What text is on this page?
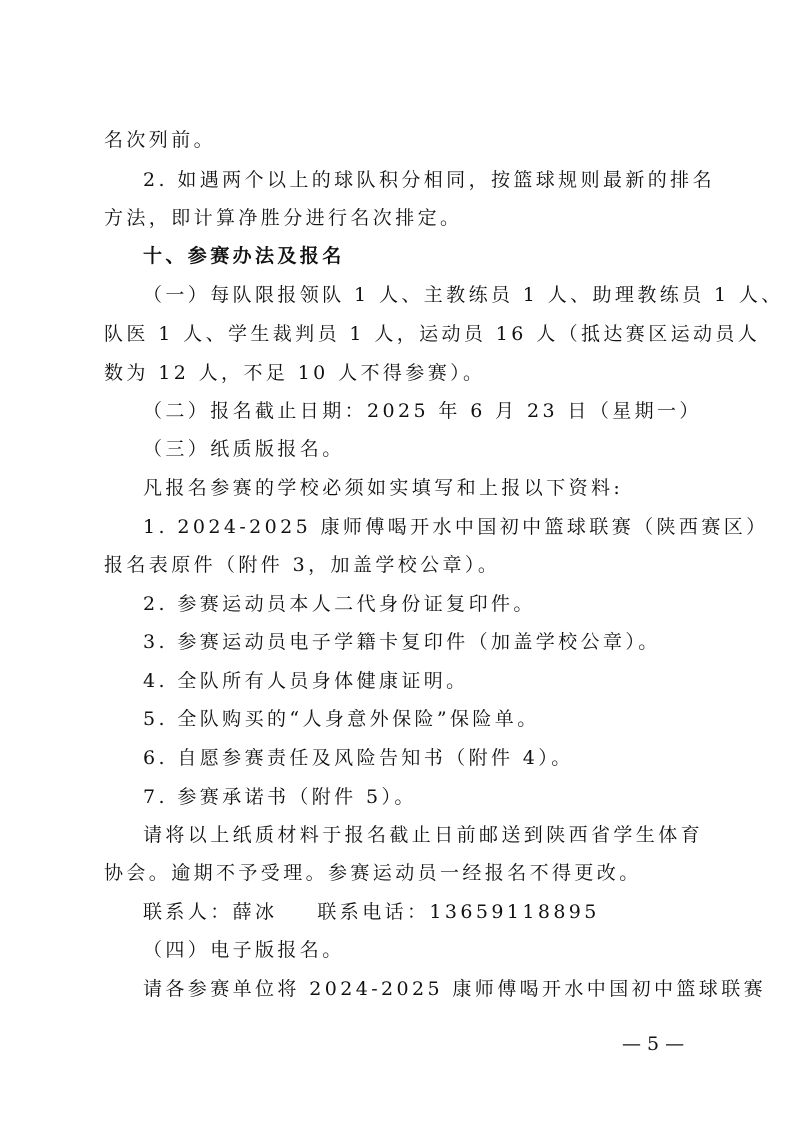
名次列前。
2. 如遇两个以上的球队积分相同，按篮球规则最新的排名
方法，即计算净胜分进行名次排定。
十、参赛办法及报名
（一）每队限报领队 1 人、主教练员 1 人、助理教练员 1 人、
队医 1 人、学生裁判员 1 人，运动员 16 人（抵达赛区运动员人
数为 12 人，不足 10 人不得参赛）。
（二）报名截止日期：2025 年 6 月 23 日（星期一）
（三）纸质版报名。
凡报名参赛的学校必须如实填写和上报以下资料:
1. 2024-2025 康师傅喝开水中国初中篮球联赛（陕西赛区）
报名表原件（附件 3，加盖学校公章）。
2. 参赛运动员本人二代身份证复印件。
3. 参赛运动员电子学籍卡复印件（加盖学校公章）。
4. 全队所有人员身体健康证明。
5. 全队购买的“人身意外保险”保险单。
6. 自愿参赛责任及风险告知书（附件 4）。
7. 参赛承诺书（附件 5）。
请将以上纸质材料于报名截止日前邮送到陕西省学生体育
协会。逾期不予受理。参赛运动员一经报名不得更改。
联系人：薛冰 联系电话：13659118895
（四）电子版报名。
请各参赛单位将 2024-2025 康师傅喝开水中国初中篮球联赛
— 5 —
